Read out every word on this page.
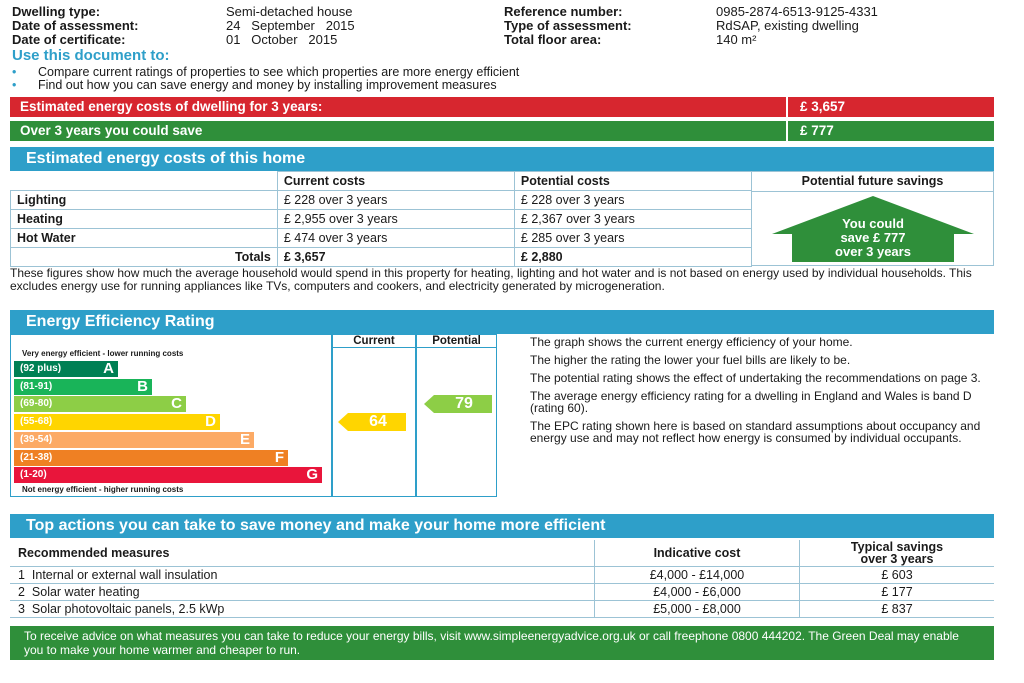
Dwelling type:	Semi-detached house
Date of assessment:	24   September   2015
Date of certificate:	01   October   2015
Reference number:	0985-2874-6513-9125-4331
Type of assessment:	RdSAP, existing dwelling
Total floor area:	140 m²
Use this document to:
• Compare current ratings of properties to see which properties are more energy efficient
• Find out how you can save energy and money by installing improvement measures
Estimated energy costs of dwelling for 3 years:	£ 3,657
Over 3 years you could save	£ 777
Estimated energy costs of this home
	Current costs	Potential costs
Lighting	£ 228 over 3 years	£ 228 over 3 years
Heating	£ 2,955 over 3 years	£ 2,367 over 3 years
Hot Water	£ 474 over 3 years	£ 285 over 3 years
Totals	£ 3,657	£ 2,880
Potential future savings
You could
save £ 777
over 3 years
These figures show how much the average household would spend in this property for heating, lighting and hot water and is not based on energy used by individual households. This excludes energy use for running appliances like TVs, computers and cookers, and electricity generated by microgeneration.
Energy Efficiency Rating
Current	Potential
Very energy efficient - lower running costs
(92 plus)	A
(81-91)	B
(69-80)	C
(55-68)	D
(39-54)	E
(21-38)	F
(1-20)	G
Not energy efficient - higher running costs
64
79
The graph shows the current energy efficiency of your home.
The higher the rating the lower your fuel bills are likely to be.
The potential rating shows the effect of undertaking the recommendations on page 3.
The average energy efficiency rating for a dwelling in England and Wales is band D (rating 60).
The EPC rating shown here is based on standard assumptions about occupancy and energy use and may not reflect how energy is consumed by individual occupants.
Top actions you can take to save money and make your home more efficient
Recommended measures	Indicative cost	Typical savings
over 3 years

1 Internal or external wall insulation	£4,000 - £14,000	£ 603
2 Solar water heating	£4,000 - £6,000	£ 177
3 Solar photovoltaic panels, 2.5 kWp	£5,000 - £8,000	£ 837
To receive advice on what measures you can take to reduce your energy bills, visit www.simpleenergyadvice.org.uk or call freephone 0800 444202. The Green Deal may enable you to make your home warmer and cheaper to run.
